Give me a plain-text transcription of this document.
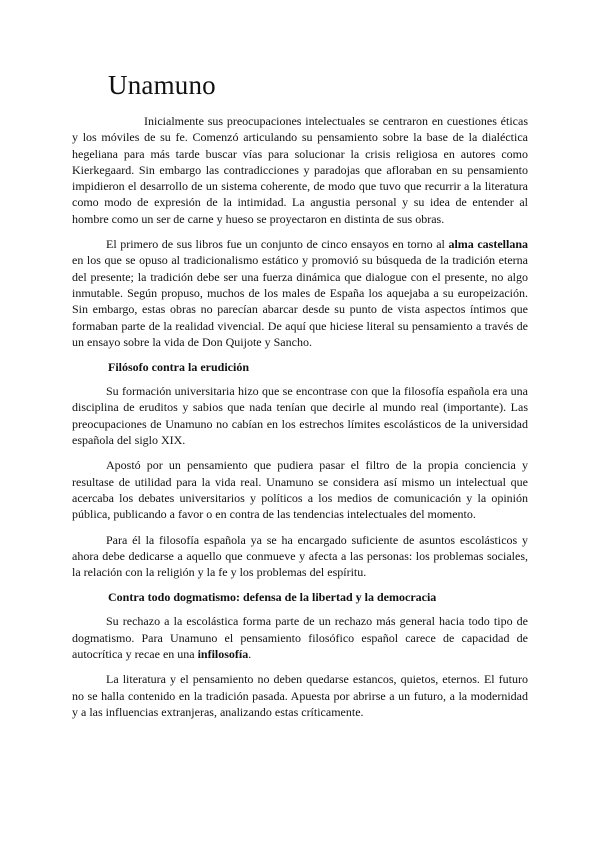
Unamuno

Inicialmente sus preocupaciones intelectuales se centraron en cuestiones éticas y los móviles de su fe. Comenzó articulando su pensamiento sobre la base de la dialéctica hegeliana para más tarde buscar vías para solucionar la crisis religiosa en autores como Kierkegaard. Sin embargo las contradicciones y paradojas que afloraban en su pensamiento impidieron el desarrollo de un sistema coherente, de modo que tuvo que recurrir a la literatura como modo de expresión de la intimidad. La angustia personal y su idea de entender al hombre como un ser de carne y hueso se proyectaron en distinta de sus obras.

El primero de sus libros fue un conjunto de cinco ensayos en torno al alma castellana en los que se opuso al tradicionalismo estático y promovió su búsqueda de la tradición eterna del presente; la tradición debe ser una fuerza dinámica que dialogue con el presente, no algo inmutable. Según propuso, muchos de los males de España los aquejaba a su europeización. Sin embargo, estas obras no parecían abarcar desde su punto de vista aspectos íntimos que formaban parte de la realidad vivencial. De aquí que hiciese literal su pensamiento a través de un ensayo sobre la vida de Don Quijote y Sancho.

Filósofo contra la erudición

Su formación universitaria hizo que se encontrase con que la filosofía española era una disciplina de eruditos y sabios que nada tenían que decirle al mundo real (importante). Las preocupaciones de Unamuno no cabían en los estrechos límites escolásticos de la universidad española del siglo XIX.

Apostó por un pensamiento que pudiera pasar el filtro de la propia conciencia y resultase de utilidad para la vida real. Unamuno se considera así mismo un intelectual que acercaba los debates universitarios y políticos a los medios de comunicación y la opinión pública, publicando a favor o en contra de las tendencias intelectuales del momento.

Para él la filosofía española ya se ha encargado suficiente de asuntos escolásticos y ahora debe dedicarse a aquello que conmueve y afecta a las personas: los problemas sociales, la relación con la religión y la fe y los problemas del espíritu.

Contra todo dogmatismo: defensa de la libertad y la democracia

Su rechazo a la escolástica forma parte de un rechazo más general hacia todo tipo de dogmatismo. Para Unamuno el pensamiento filosófico español carece de capacidad de autocrítica y recae en una infilosofía.

La literatura y el pensamiento no deben quedarse estancos, quietos, eternos. El futuro no se halla contenido en la tradición pasada. Apuesta por abrirse a un futuro, a la modernidad y a las influencias extranjeras, analizando estas críticamente.
